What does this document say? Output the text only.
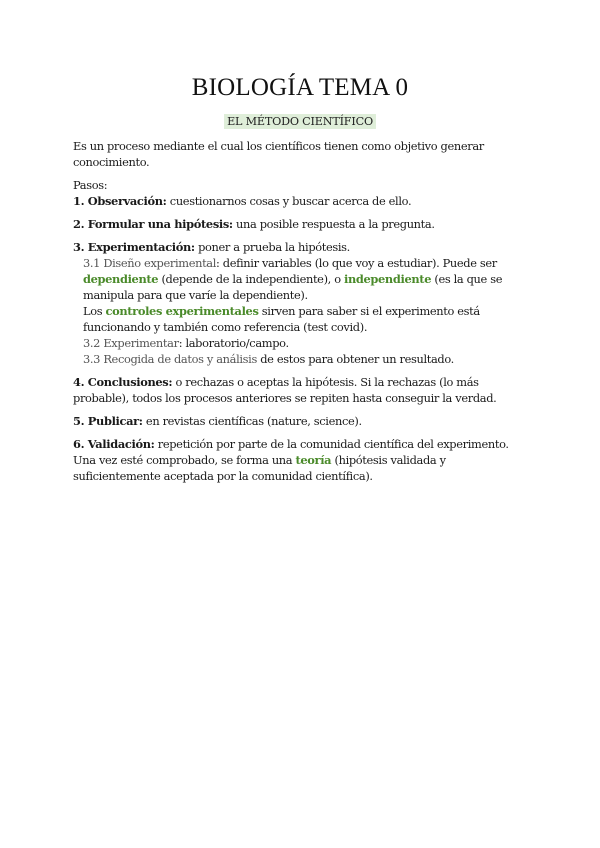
BIOLOGÍA TEMA 0
EL MÉTODO CIENTÍFICO

Es un proceso mediante el cual los científicos tienen como objetivo generar conocimiento.

Pasos:

1. Observación: cuestionarnos cosas y buscar acerca de ello.

2. Formular una hipótesis: una posible respuesta a la pregunta.

3. Experimentación: poner a prueba la hipótesis.
3.1 Diseño experimental: definir variables (lo que voy a estudiar). Puede ser dependiente (depende de la independiente), o independiente (es la que se manipula para que varíe la dependiente).
Los controles experimentales sirven para saber si el experimento está funcionando y también como referencia (test covid).
3.2 Experimentar: laboratorio/campo.
3.3 Recogida de datos y análisis de estos para obtener un resultado.

4. Conclusiones: o rechazas o aceptas la hipótesis. Si la rechazas (lo más probable), todos los procesos anteriores se repiten hasta conseguir la verdad.

5. Publicar: en revistas científicas (nature, science).

6. Validación: repetición por parte de la comunidad científica del experimento. Una vez esté comprobado, se forma una teoría (hipótesis validada y suficientemente aceptada por la comunidad científica).
